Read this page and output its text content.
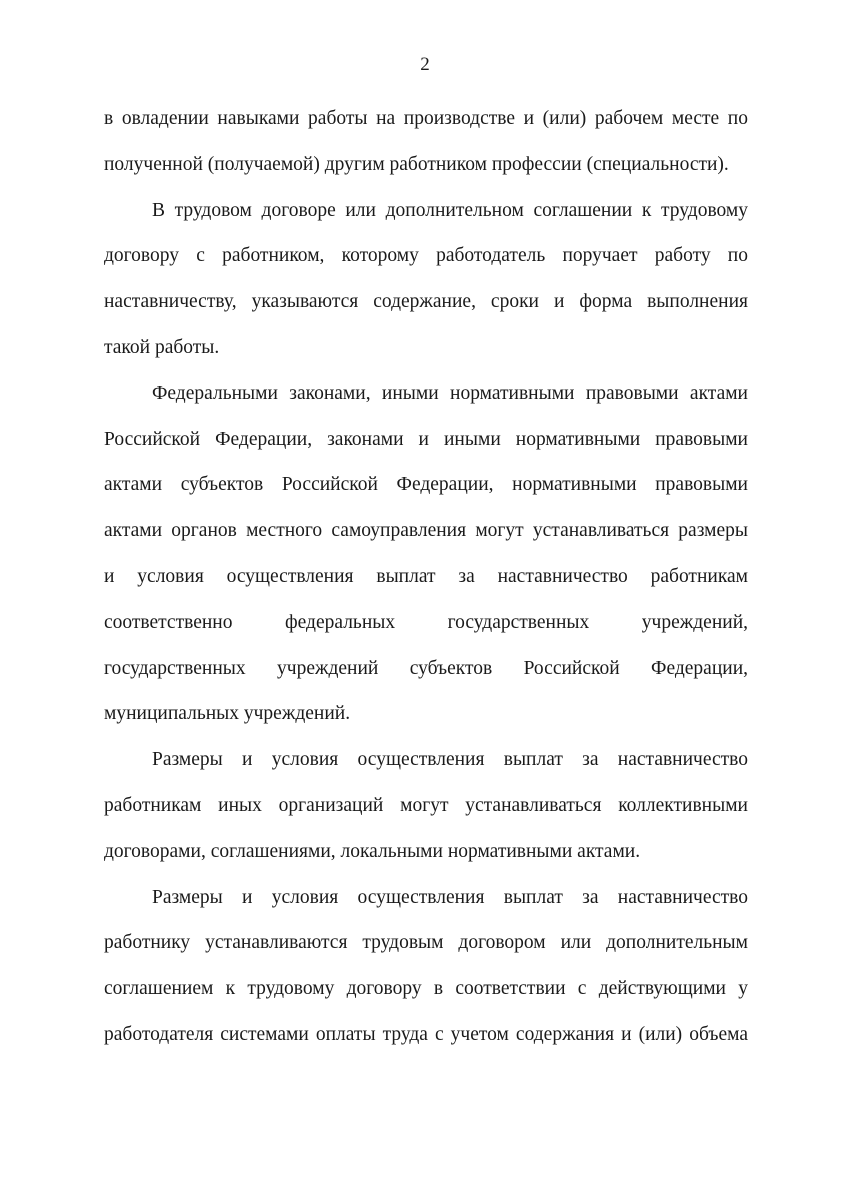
2
в овладении навыками работы на производстве и (или) рабочем месте по
полученной (получаемой) другим работником профессии (специальности).
В трудовом договоре или дополнительном соглашении к трудовому
договору с работником, которому работодатель поручает работу по
наставничеству, указываются содержание, сроки и форма выполнения
такой работы.
Федеральными законами, иными нормативными правовыми актами
Российской Федерации, законами и иными нормативными правовыми
актами субъектов Российской Федерации, нормативными правовыми
актами органов местного самоуправления могут устанавливаться размеры
и условия осуществления выплат за наставничество работникам
соответственно федеральных государственных учреждений,
государственных учреждений субъектов Российской Федерации,
муниципальных учреждений.
Размеры и условия осуществления выплат за наставничество
работникам иных организаций могут устанавливаться коллективными
договорами, соглашениями, локальными нормативными актами.
Размеры и условия осуществления выплат за наставничество
работнику устанавливаются трудовым договором или дополнительным
соглашением к трудовому договору в соответствии с действующими у
работодателя системами оплаты труда с учетом содержания и (или) объема
